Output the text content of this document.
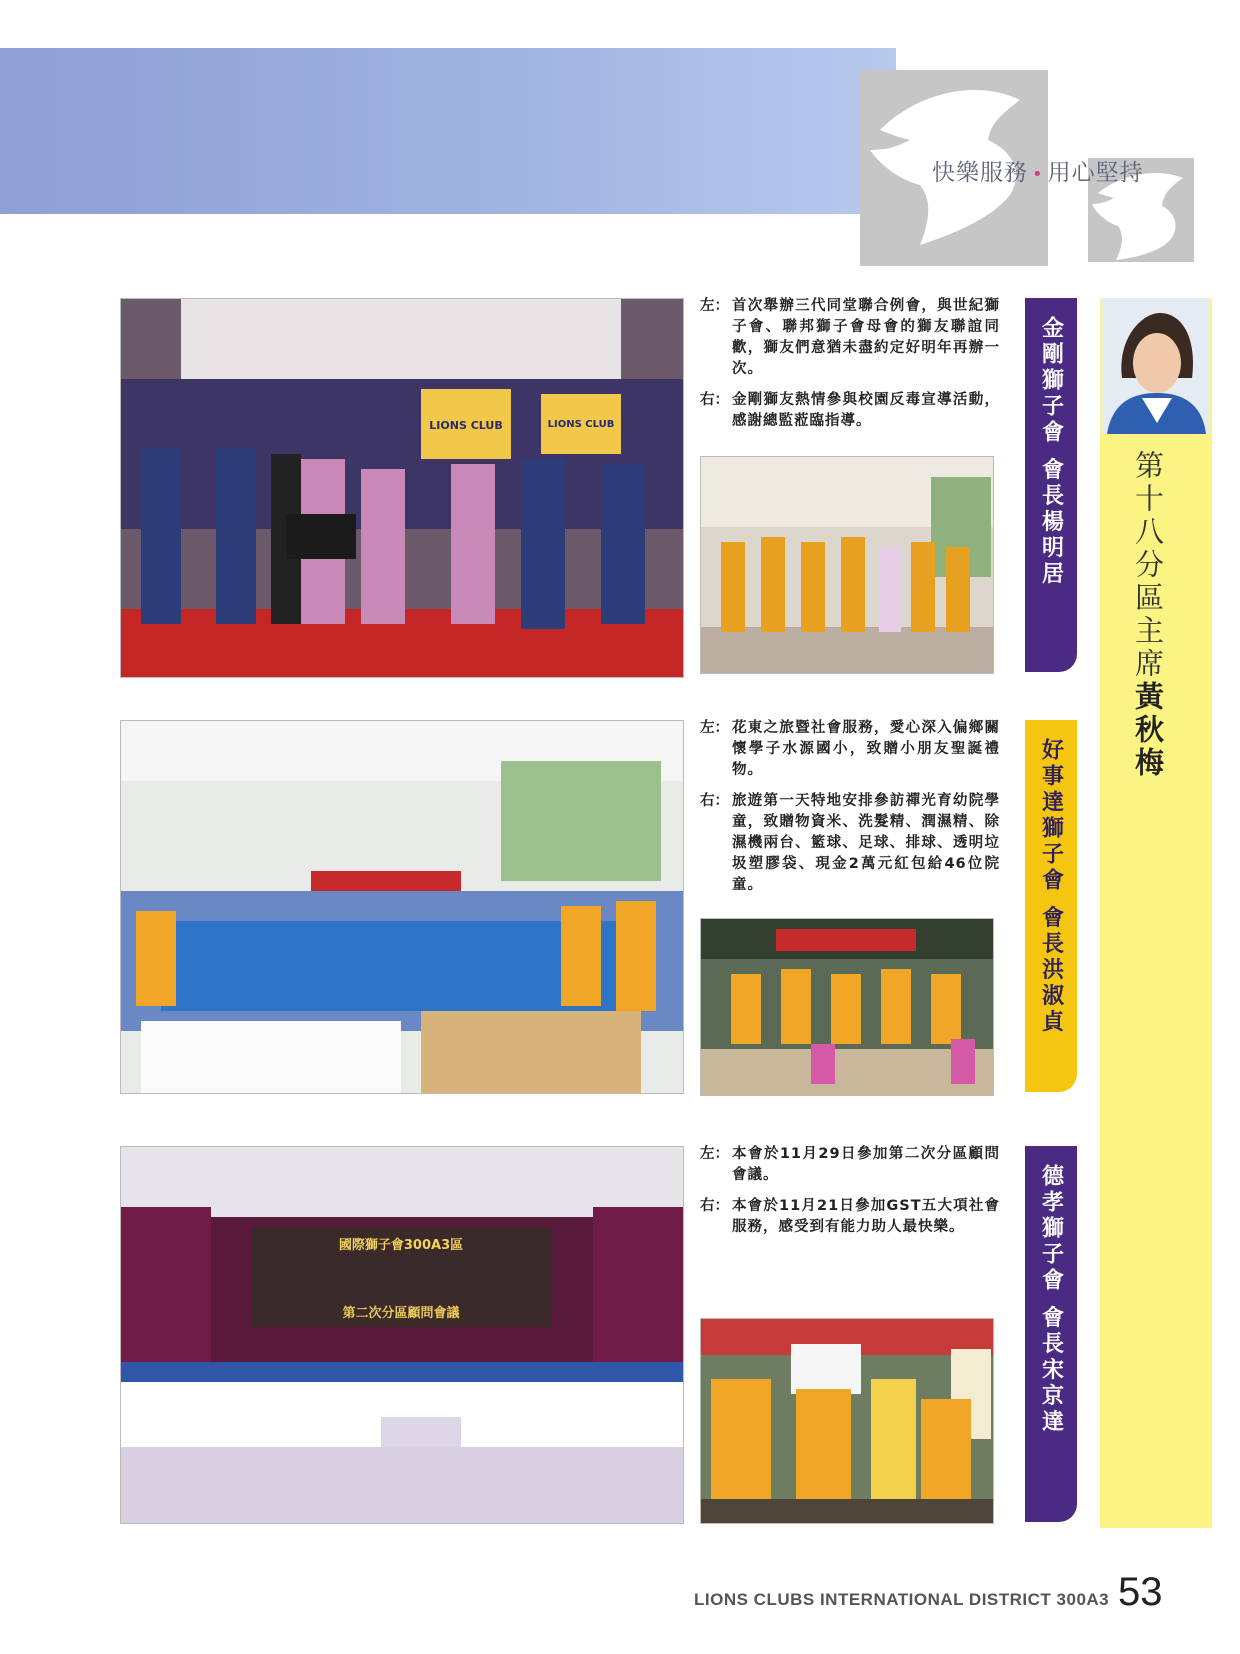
快樂服務 • 用心堅持
第十八分區主席黃秋梅
LIONS CLUB	LIONS CLUB
左： 首次舉辦三代同堂聯合例會，與世紀獅子會、聯邦獅子會母會的獅友聯誼同歡，獅友們意猶未盡約定好明年再辦一次。
右： 金剛獅友熱情參與校園反毒宣導活動，感謝總監蒞臨指導。	金剛獅子會 會長楊明居
左： 花東之旅暨社會服務，愛心深入偏鄉關懷學子水源國小，致贈小朋友聖誕禮物。
右： 旅遊第一天特地安排參訪禪光育幼院學童，致贈物資米、洗髮精、潤濕精、除濕機兩台、籃球、足球、排球、透明垃圾塑膠袋、現金2萬元紅包給46位院童。	好事達獅子會 會長洪淑貞
國際獅子會300A3區
第二次分區顧問會議
左： 本會於11月29日參加第二次分區顧問會議。
右： 本會於11月21日參加GST五大項社會服務，感受到有能力助人最快樂。	德孝獅子會 會長宋京達
LIONS CLUBS INTERNATIONAL DISTRICT 300A3 53
